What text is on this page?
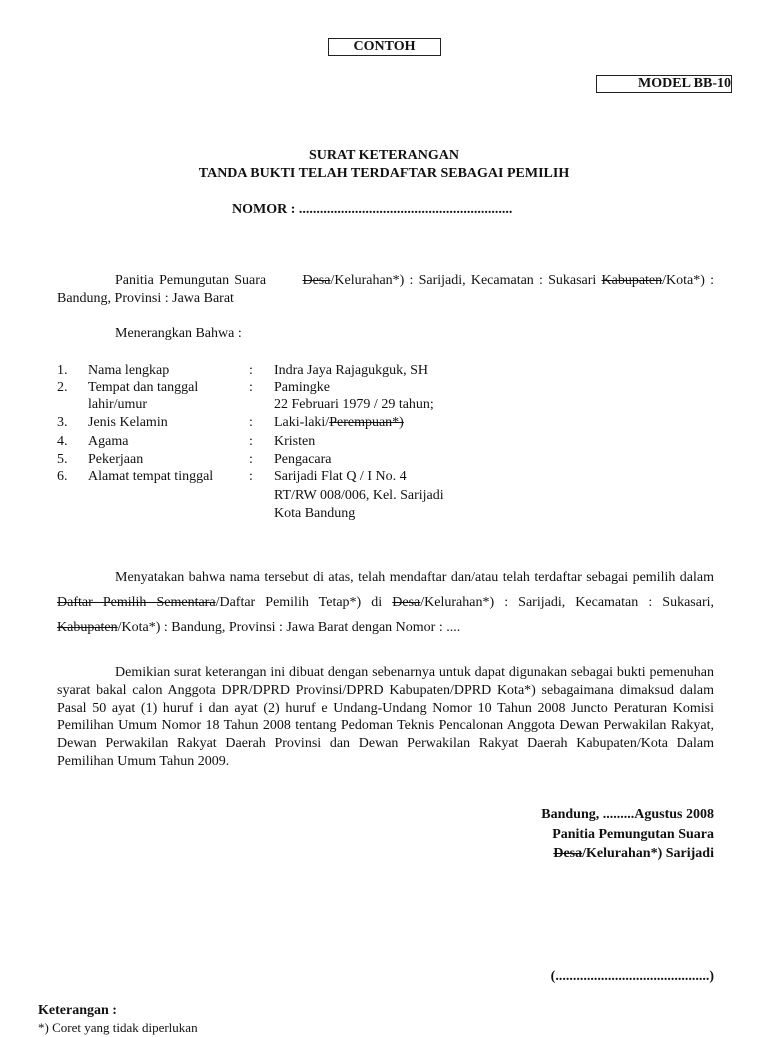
CONTOH
MODEL BB-10
SURAT KETERANGAN
TANDA BUKTI TELAH TERDAFTAR SEBAGAI PEMILIH
NOMOR : .............................................................
Panitia Pemungutan Suara	Desa/Kelurahan*) : Sarijadi, Kecamatan : Sukasari Kabupaten/Kota*) : Bandung, Provinsi : Jawa Barat
Menerangkan Bahwa :
1. Nama lengkap	: Indra Jaya Rajagukguk, SH
2. Tempat dan tanggal	: Pamingke
lahir/umur	22 Februari 1979 / 29 tahun;
3. Jenis Kelamin	: Laki-laki/Perempuan*)
4. Agama	: Kristen
5. Pekerjaan	: Pengacara
6. Alamat tempat tinggal	: Sarijadi Flat Q / I No. 4
RT/RW 008/006, Kel. Sarijadi
Kota Bandung
Menyatakan bahwa nama tersebut di atas, telah mendaftar dan/atau telah terdaftar sebagai pemilih dalam Daftar Pemilih Sementara/Daftar Pemilih Tetap*) di Desa/Kelurahan*) : Sarijadi, Kecamatan : Sukasari, Kabupaten/Kota*) : Bandung, Provinsi : Jawa Barat dengan Nomor : ....
Demikian surat keterangan ini dibuat dengan sebenarnya untuk dapat digunakan sebagai bukti pemenuhan syarat bakal calon Anggota DPR/DPRD Provinsi/DPRD Kabupaten/DPRD Kota*) sebagaimana dimaksud dalam Pasal 50 ayat (1) huruf i dan ayat (2) huruf e Undang-Undang Nomor 10 Tahun 2008 Juncto Peraturan Komisi Pemilihan Umum Nomor 18 Tahun 2008 tentang Pedoman Teknis Pencalonan Anggota Dewan Perwakilan Rakyat, Dewan Perwakilan Rakyat Daerah Provinsi dan Dewan Perwakilan Rakyat Daerah Kabupaten/Kota Dalam Pemilihan Umum Tahun 2009.
Bandung, .........Agustus 2008
Panitia Pemungutan Suara
Desa/Kelurahan*) Sarijadi
(............................................)
Keterangan :
*) Coret yang tidak diperlukan
